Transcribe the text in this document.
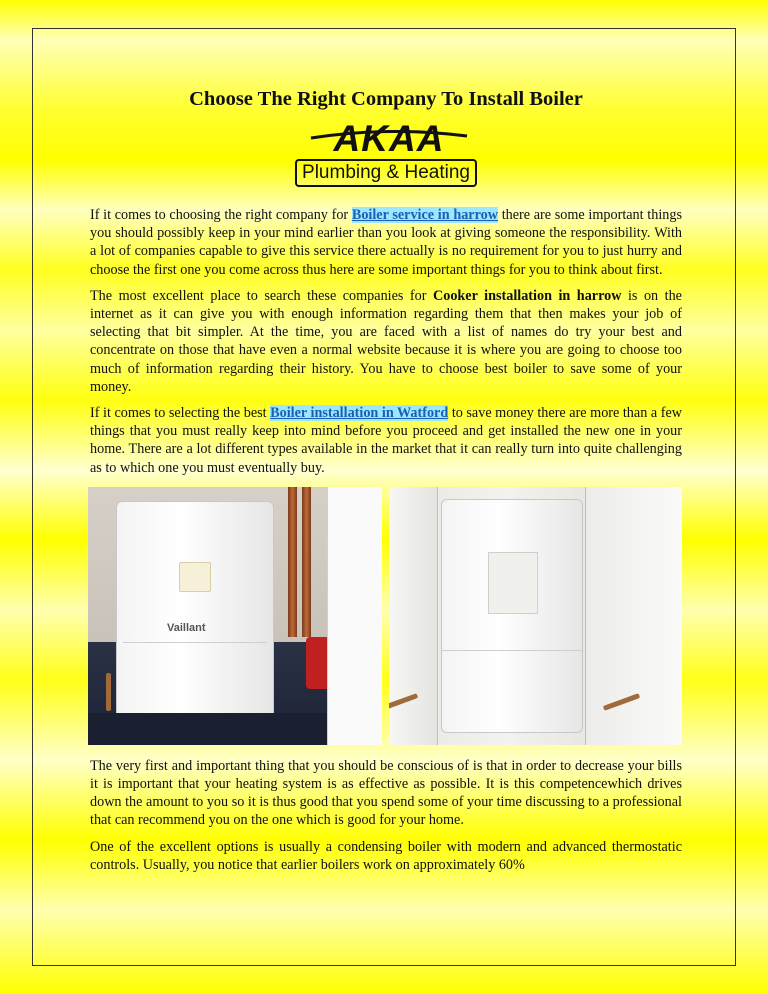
Choose The Right Company To Install Boiler
AKAA
Plumbing & Heating

If it comes to choosing the right company for Boiler service in harrow there are some important things you should possibly keep in your mind earlier than you look at giving someone the responsibility. With a lot of companies capable to give this service there actually is no requirement for you to just hurry and choose the first one you come across thus here are some important things for you to think about first.

The most excellent place to search these companies for Cooker installation in harrow is on the internet as it can give you with enough information regarding them that then makes your job of selecting that bit simpler. At the time, you are faced with a list of names do try your best and concentrate on those that have even a normal website because it is where you are going to choose too much of information regarding their history. You have to choose best boiler to save some of your money.

If it comes to selecting the best Boiler installation in Watford to save money there are more than a few things that you must really keep into mind before you proceed and get installed the new one in your home. There are a lot different types available in the market that it can really turn into quite challenging as to which one you must eventually buy.

Vaillant

The very first and important thing that you should be conscious of is that in order to decrease your bills it is important that your heating system is as effective as possible. It is this competencewhich drives down the amount to you so it is thus good that you spend some of your time discussing to a professional that can recommend you on the one which is good for your home.

One of the excellent options is usually a condensing boiler with modern and advanced thermostatic controls. Usually, you notice that earlier boilers work on approximately 60%
